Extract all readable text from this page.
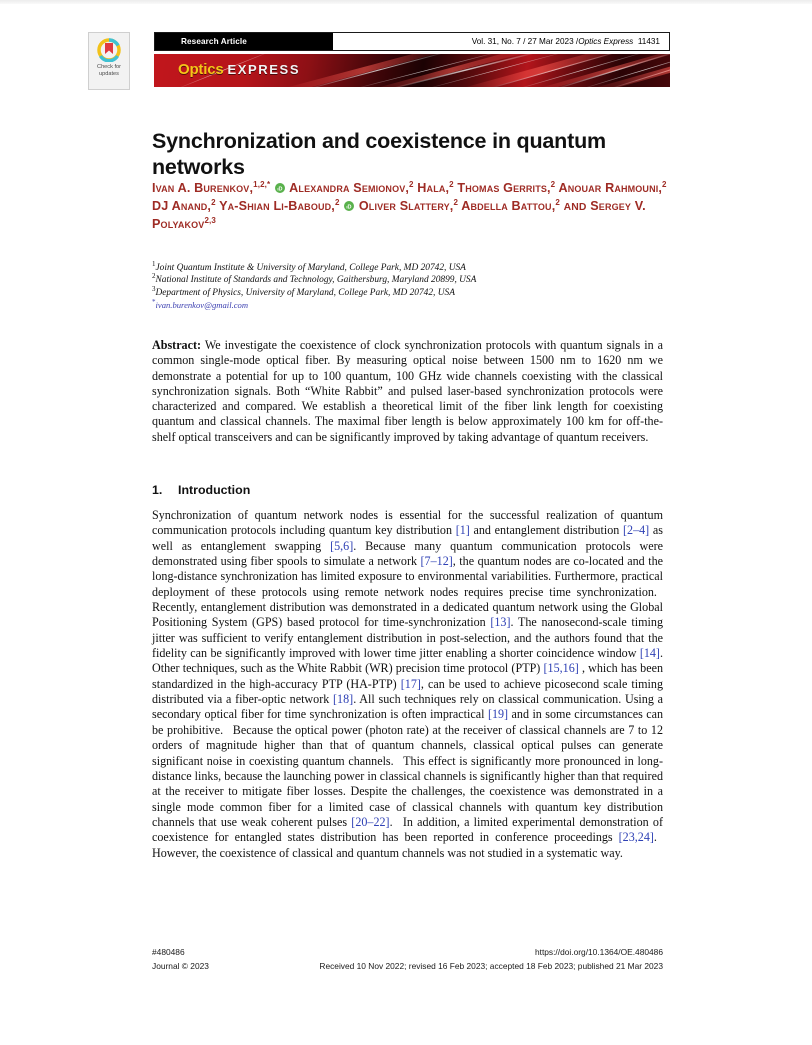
Check for
updates
Research Article	Vol. 31, No. 7 / 27 Mar 2023 / Optics Express
11431
Optics EXPRESS
Synchronization and coexistence in quantum networks
Ivan A. Burenkov,$^{1,2,*}$
iD Alexandra Semionov,$^2$ Hala,$^2$ Thomas Gerrits,$^2$ Anouar Rahmouni,$^2$ DJ Anand,$^2$ Ya-Shian Li-Baboud,$^2$
iD Oliver Slattery,$^2$ Abdella Battou,$^2$ AND Sergey V. Polyakov$^{2,3}$
$^1$Joint Quantum Institute & University of Maryland, College Park, MD 20742, USA
$^2$National Institute of Standards and Technology, Gaithersburg, Maryland 20899, USA
$^3$Department of Physics, University of Maryland, College Park, MD 20742, USA
*ivan.burenkov@gmail.com
Abstract: We investigate the coexistence of clock synchronization protocols with quantum signals in a common single-mode optical fiber. By measuring optical noise between 1500 nm to 1620 nm we demonstrate a potential for up to 100 quantum, 100 GHz wide channels coexisting with the classical synchronization signals. Both “White Rabbit” and pulsed laser-based synchronization protocols were characterized and compared. We establish a theoretical limit of the fiber link length for coexisting quantum and classical channels. The maximal fiber length is below approximately 100 km for off-the-shelf optical transceivers and can be significantly improved by taking advantage of quantum receivers.
1. Introduction

Synchronization of quantum network nodes is essential for the successful realization of quantum communication protocols including quantum key distribution [1] and entanglement distribution [2–4] as well as entanglement swapping [5,6]. Because many quantum communication protocols were demonstrated using fiber spools to simulate a network [7–12], the quantum nodes are co-located and the long-distance synchronization has limited exposure to environmental variabilities. Furthermore, practical deployment of these protocols using remote network nodes requires precise time synchronization.  Recently, entanglement distribution was demonstrated in a dedicated quantum network using the Global Positioning System (GPS) based protocol for time-synchronization [13]. The nanosecond-scale timing jitter was sufficient to verify entanglement distribution in post-selection, and the authors found that the fidelity can be significantly improved with lower time jitter enabling a shorter coincidence window [14]. Other techniques, such as the White Rabbit (WR) precision time protocol (PTP) [15,16] , which has been standardized in the high-accuracy PTP (HA-PTP) [17], can be used to achieve picosecond scale timing distributed via a fiber-optic network [18]. All such techniques rely on classical communication. Using a secondary optical fiber for time synchronization is often impractical [19] and in some circumstances can be prohibitive.  Because the optical power (photon rate) at the receiver of classical channels are 7 to 12 orders of magnitude higher than that of quantum channels, classical optical pulses can generate significant noise in coexisting quantum channels.  This effect is significantly more pronounced in long-distance links, because the launching power in classical channels is significantly higher than that required at the receiver to mitigate fiber losses. Despite the challenges, the coexistence was demonstrated in a single mode common fiber for a limited case of classical channels with quantum key distribution channels that use weak coherent pulses [20–22].  In addition, a limited experimental demonstration of coexistence for entangled states distribution has been reported in conference proceedings [23,24].  However, the coexistence of classical and quantum channels was not studied in a systematic way.

#480486	https://doi.org/10.1364/OE.480486
Journal © 2023	Received 10 Nov 2022; revised 16 Feb 2023; accepted 18 Feb 2023; published 21 Mar 2023
